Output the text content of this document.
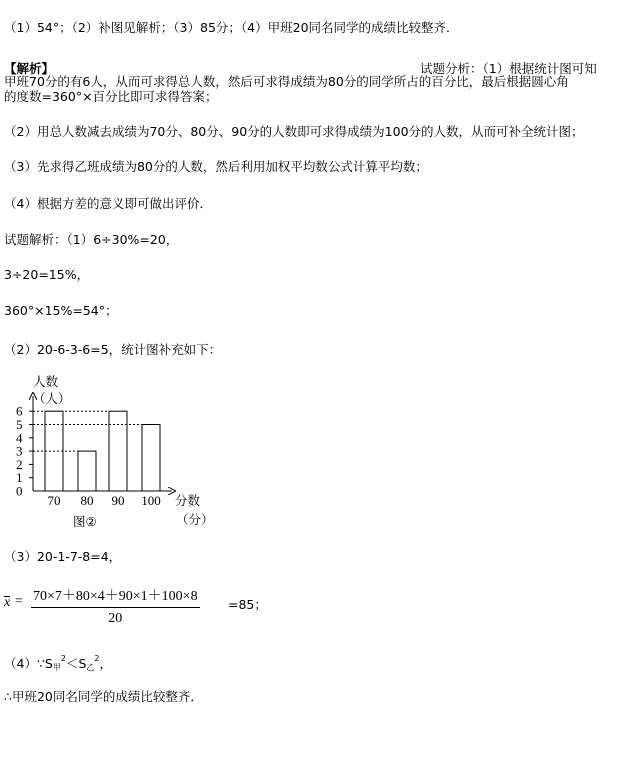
（1）54°；（2）补图见解析；（3）85分；（4）甲班20同名同学的成绩比较整齐．
【解析】	试题分析：（1）根据统计图可知
甲班70分的有6人，从而可求得总人数，然后可求得成绩为80分的同学所占的百分比，最后根据圆心角
的度数=360°×百分比即可求得答案；
（2）用总人数减去成绩为70分、80分、90分的人数即可求得成绩为100分的人数，从而可补全统计图；
（3）先求得乙班成绩为80分的人数，然后利用加权平均数公式计算平均数；
（4）根据方差的意义即可做出评价．
试题解析：（1）6÷30%=20，
3÷20=15%，
360°×15%=54°；
（2）20-6-3-6=5，统计图补充如下：
人数
（人）
分数
（分）
图②
0
1
2
3
4
5
6
70 80 90 100
（3）20-1-7-8=4，
$x = \frac{70\times 7+80\times 4+90\times 1+100\times 8}{20} =85$；
$(4)\because S_甲^2<S_乙^2$，
∴甲班20同名同学的成绩比较整齐．
